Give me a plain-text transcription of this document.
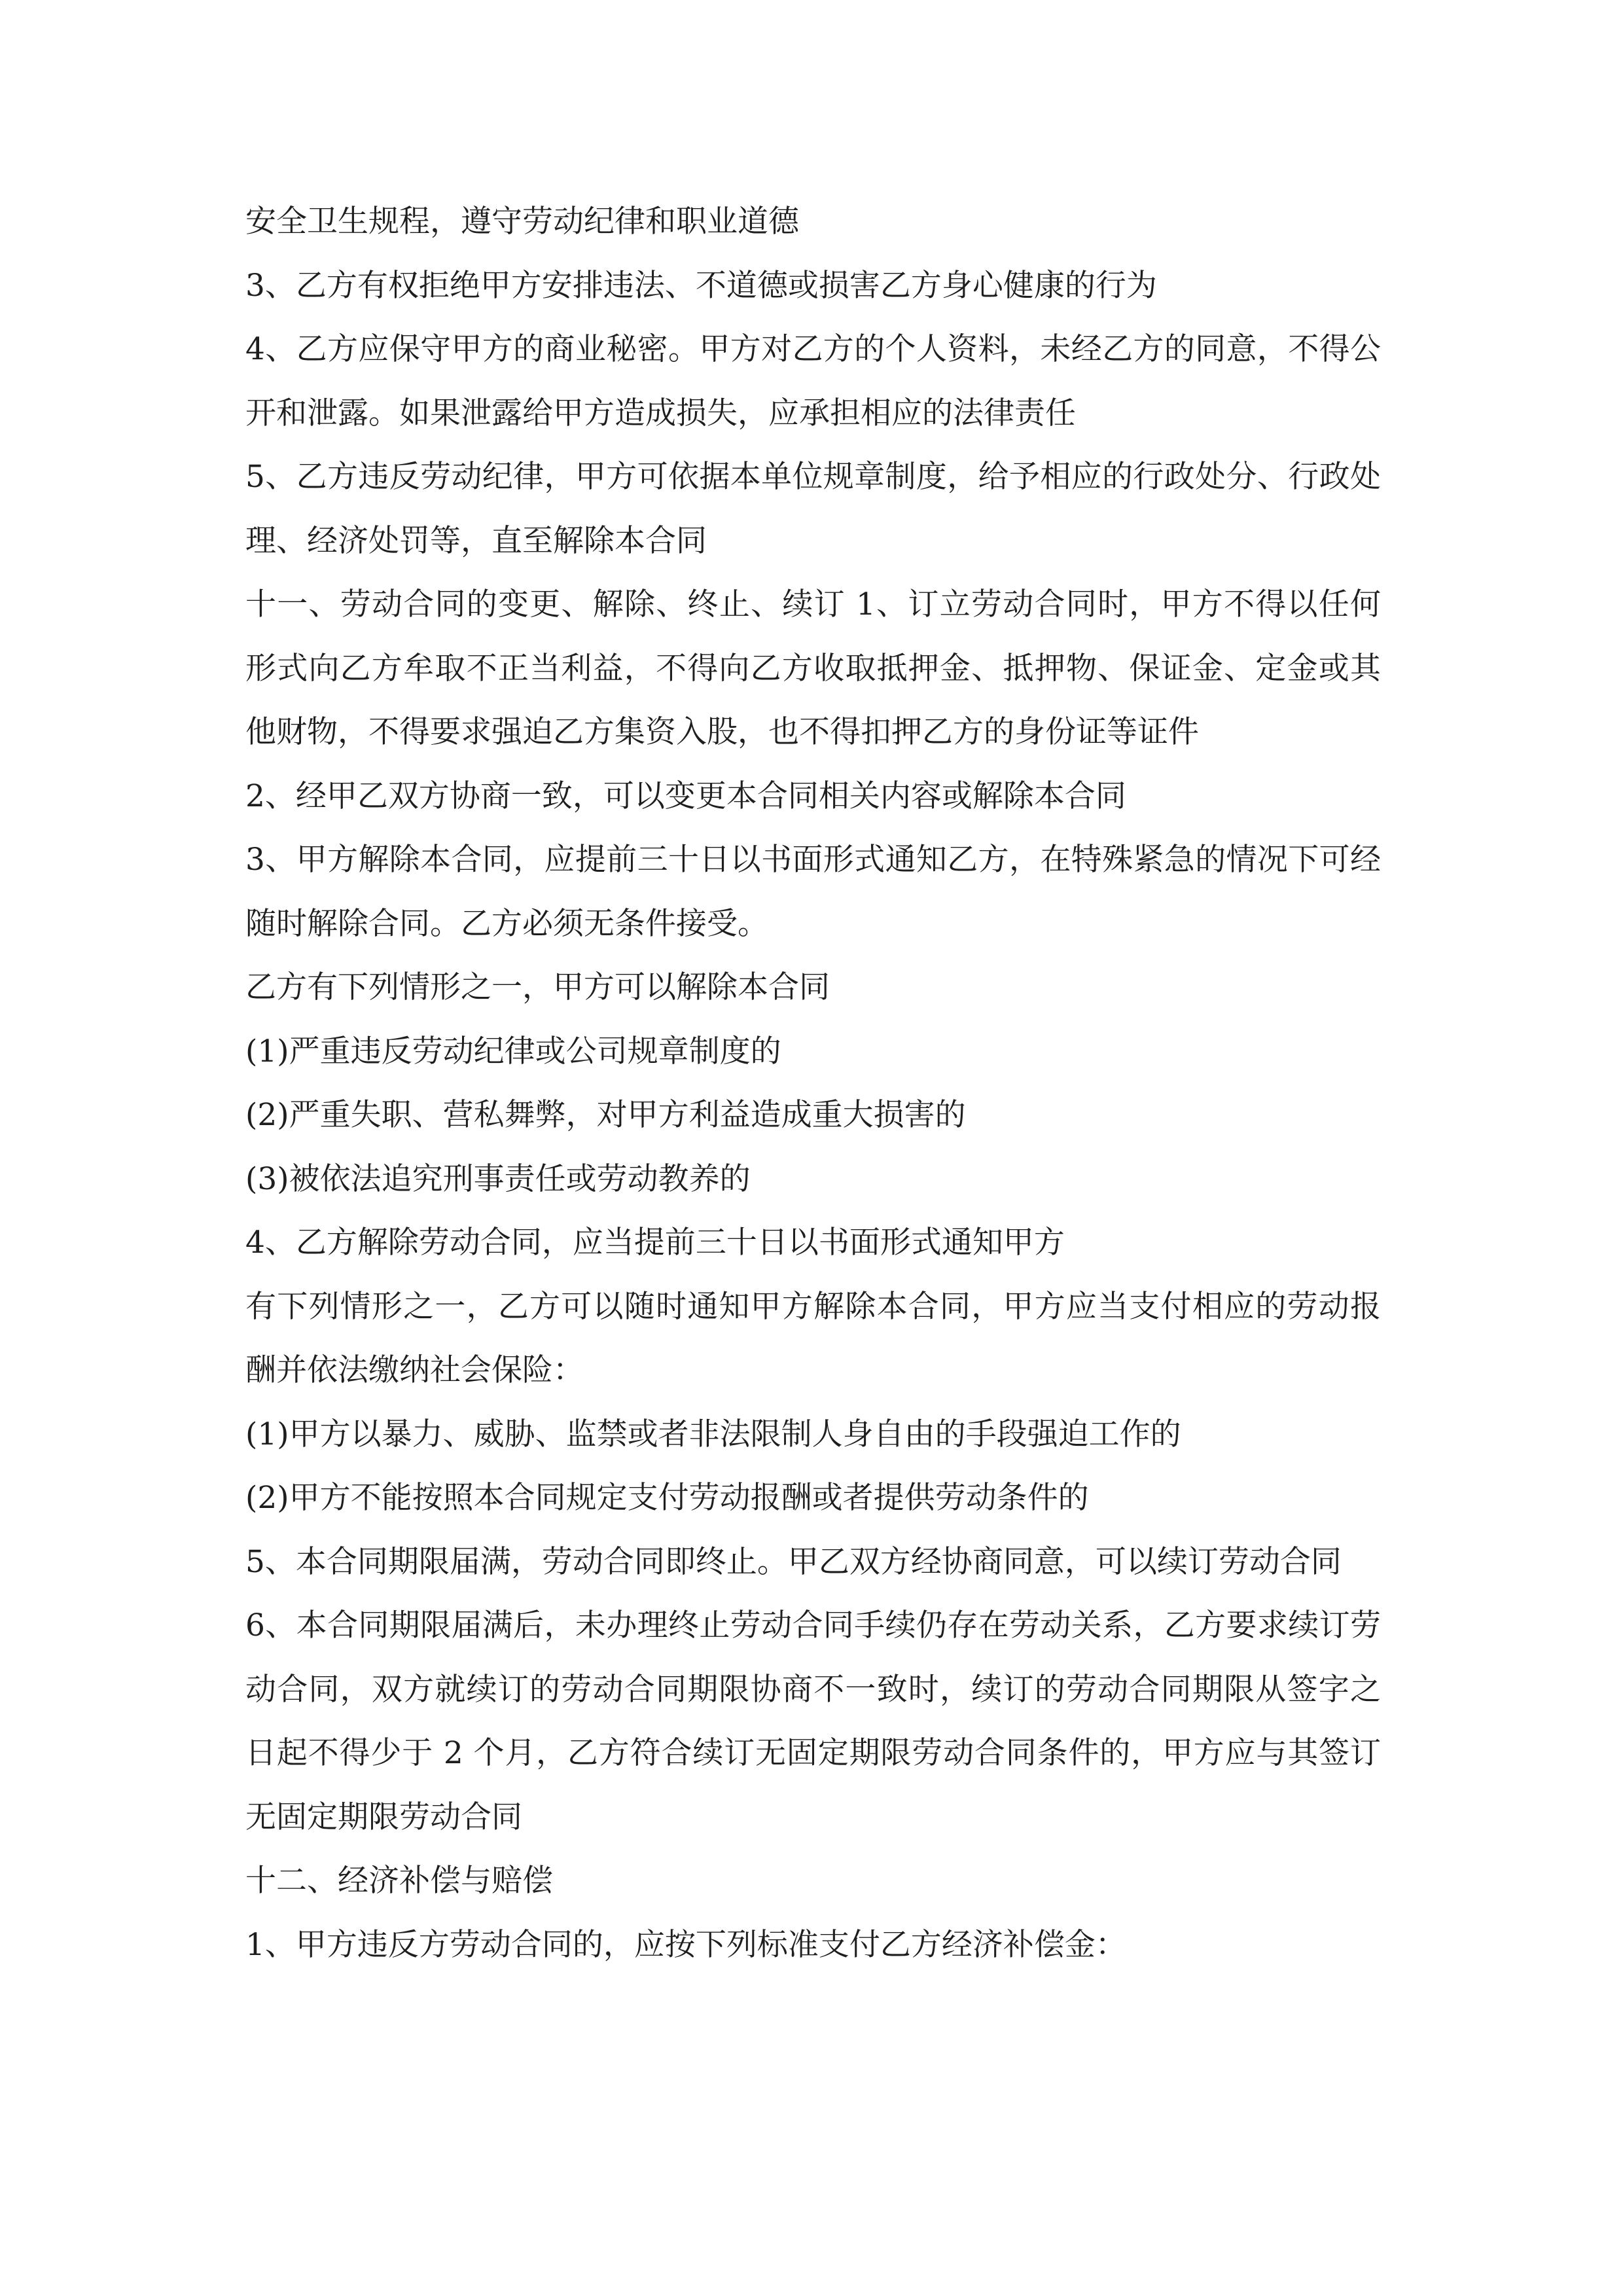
安全卫生规程，遵守劳动纪律和职业道德

3、乙方有权拒绝甲方安排违法、不道德或损害乙方身心健康的行为

4、乙方应保守甲方的商业秘密。甲方对乙方的个人资料，未经乙方的同意，不得公开和泄露。如果泄露给甲方造成损失，应承担相应的法律责任

5、乙方违反劳动纪律，甲方可依据本单位规章制度，给予相应的行政处分、行政处理、经济处罚等，直至解除本合同

十一、劳动合同的变更、解除、终止、续订 1、订立劳动合同时，甲方不得以任何形式向乙方牟取不正当利益，不得向乙方收取抵押金、抵押物、保证金、定金或其他财物，不得要求强迫乙方集资入股，也不得扣押乙方的身份证等证件

2、经甲乙双方协商一致，可以变更本合同相关内容或解除本合同

3、甲方解除本合同，应提前三十日以书面形式通知乙方，在特殊紧急的情况下可经随时解除合同。乙方必须无条件接受。

乙方有下列情形之一，甲方可以解除本合同

(1)严重违反劳动纪律或公司规章制度的

(2)严重失职、营私舞弊，对甲方利益造成重大损害的

(3)被依法追究刑事责任或劳动教养的

4、乙方解除劳动合同，应当提前三十日以书面形式通知甲方

有下列情形之一，乙方可以随时通知甲方解除本合同，甲方应当支付相应的劳动报酬并依法缴纳社会保险：

(1)甲方以暴力、威胁、监禁或者非法限制人身自由的手段强迫工作的

(2)甲方不能按照本合同规定支付劳动报酬或者提供劳动条件的

5、本合同期限届满，劳动合同即终止。甲乙双方经协商同意，可以续订劳动合同

6、本合同期限届满后，未办理终止劳动合同手续仍存在劳动关系，乙方要求续订劳动合同，双方就续订的劳动合同期限协商不一致时，续订的劳动合同期限从签字之日起不得少于 2 个月，乙方符合续订无固定期限劳动合同条件的，甲方应与其签订无固定期限劳动合同

十二、经济补偿与赔偿

1、甲方违反方劳动合同的，应按下列标准支付乙方经济补偿金：
